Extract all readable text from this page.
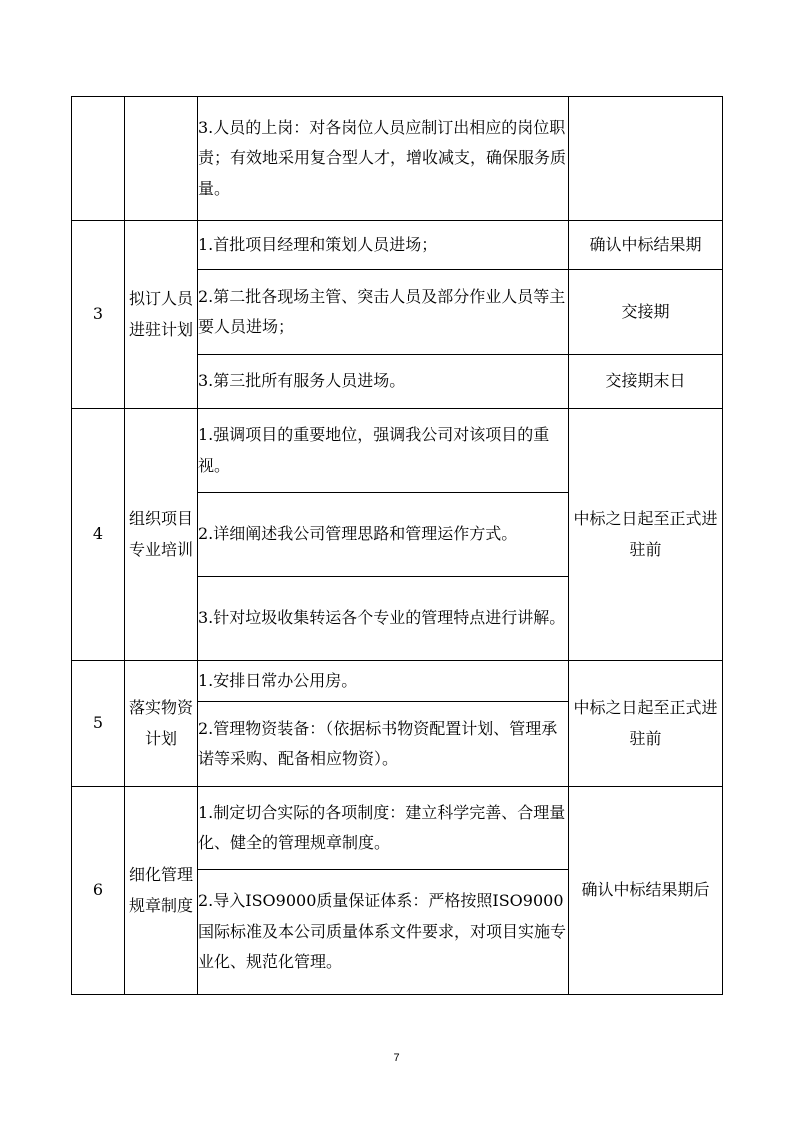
		3.人员的上岗：对各岗位人员应制订出相应的岗位职责；有效地采用复合型人才，增收减支，确保服务质量。	
3	拟订人员进驻计划	1.首批项目经理和策划人员进场；	确认中标结果期
		2.第二批各现场主管、突击人员及部分作业人员等主要人员进场；	交接期
		3.第三批所有服务人员进场。	交接期末日
4	组织项目专业培训	1.强调项目的重要地位，强调我公司对该项目的重视。	中标之日起至正式进驻前
		2.详细阐述我公司管理思路和管理运作方式。	
		3.针对垃圾收集转运各个专业的管理特点进行讲解。	
5	落实物资计划	1.安排日常办公用房。	中标之日起至正式进驻前
		2.管理物资装备：（依据标书物资配置计划、管理承诺等采购、配备相应物资）。	
6	细化管理规章制度	1.制定切合实际的各项制度：建立科学完善、合理量化、健全的管理规章制度。	确认中标结果期后
		2.导入ISO9000质量保证体系：严格按照ISO9000国际标准及本公司质量体系文件要求，对项目实施专业化、规范化管理。	
7
